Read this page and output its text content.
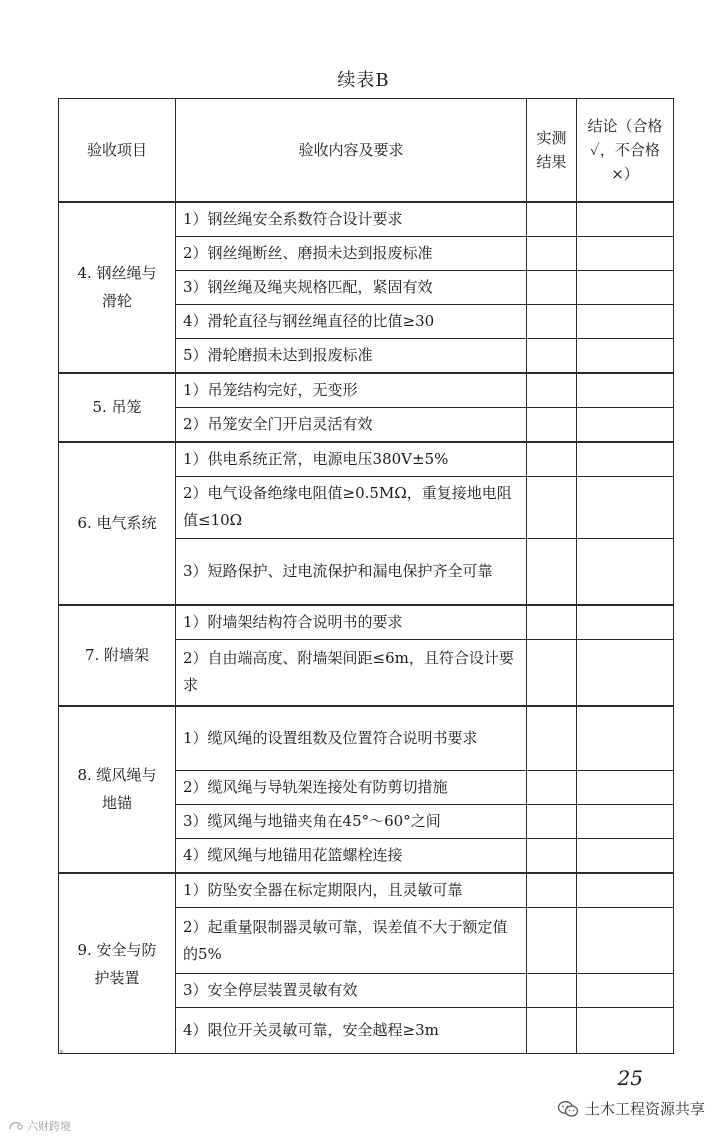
续表B
验收项目	验收内容及要求	实测结果	结论（合格✓，不合格×）
4. 钢丝绳与滑轮	1）钢丝绳安全系数符合设计要求		

	2）钢丝绳断丝、磨损未达到报废标准		

	3）钢丝绳及绳夹规格匹配，紧固有效		

	4）滑轮直径与钢丝绳直径的比值≥30		

	5）滑轮磨损未达到报废标准		

5. 吊笼	1）吊笼结构完好，无变形		

	2）吊笼安全门开启灵活有效		

6. 电气系统	1）供电系统正常，电源电压380V±5%		

	2）电气设备绝缘电阻值≥0.5MΩ，重复接地电阻值≤10Ω		

	3）短路保护、过电流保护和漏电保护齐全可靠		

7. 附墙架	1）附墙架结构符合说明书的要求		

	2）自由端高度、附墙架间距≤6m，且符合设计要求		

8. 缆风绳与地锚	1）缆风绳的设置组数及位置符合说明书要求		

	2）缆风绳与导轨架连接处有防剪切措施		

	3）缆风绳与地锚夹角在45°～60°之间		

	4）缆风绳与地锚用花篮螺栓连接		

9. 安全与防护装置	1）防坠安全器在标定期限内，且灵敏可靠		

	2）起重量限制器灵敏可靠，误差值不大于额定值的5%		

	3）安全停层装置灵敏有效		

	4）限位开关灵敏可靠，安全越程≥3m		

25
六财跨境
土木工程资源共享
